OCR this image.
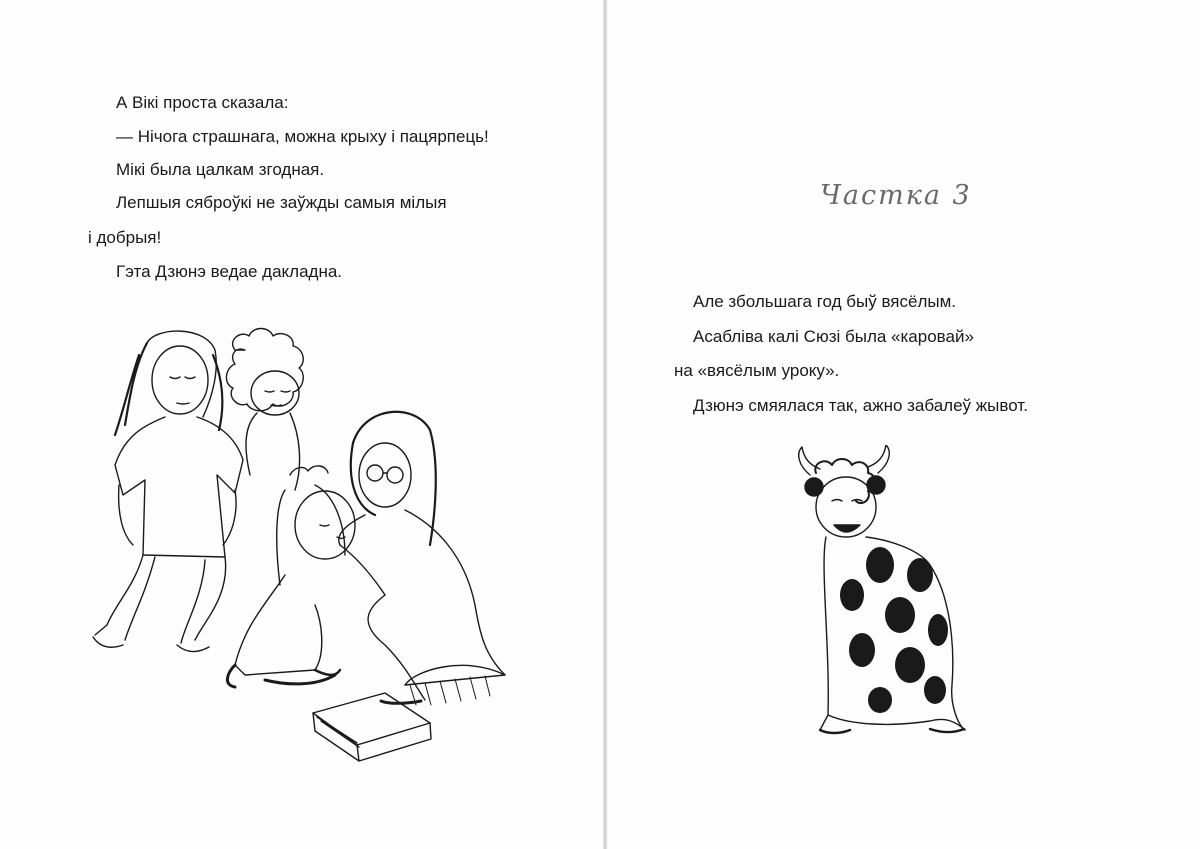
А Вікі проста сказала:
— Нічога страшнага, можна крыху і пацярпець!
Мікі была цалкам згодная.
Лепшыя сяброўкі не заўжды самыя мілыя
і добрыя!
Гэта Дзюнэ ведае дакладна.
Частка 3
Але збольшага год быў вясёлым.
Асабліва калі Сюзі была «каровай»
на «вясёлым уроку».
Дзюнэ смяялася так, ажно забалеў жывот.
